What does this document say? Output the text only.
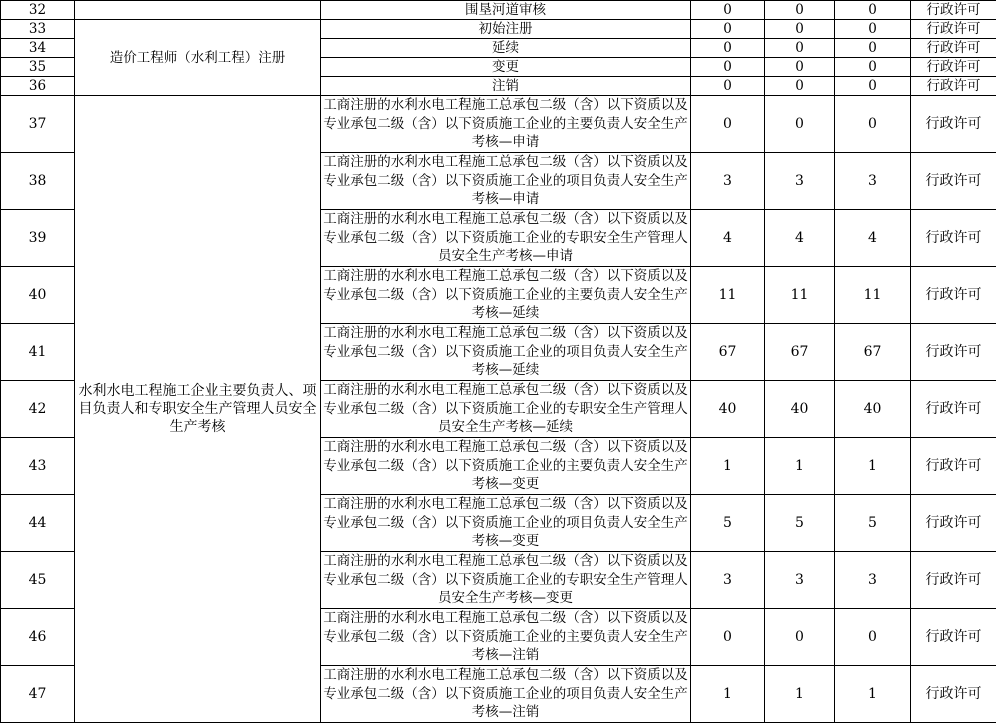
32		围垦河道审核	0	0	0	行政许可
33	造价工程师（水利工程）注册	初始注册	0	0	0	行政许可
34		延续	0	0	0	行政许可
35		变更	0	0	0	行政许可
36		注销	0	0	0	行政许可
37	水利水电工程施工企业主要负责人、项目负责人和专职安全生产管理人员安全生产考核	工商注册的水利水电工程施工总承包二级（含）以下资质以及专业承包二级（含）以下资质施工企业的主要负责人安全生产考核—申请	0	0	0	行政许可
38		工商注册的水利水电工程施工总承包二级（含）以下资质以及专业承包二级（含）以下资质施工企业的项目负责人安全生产考核—申请	3	3	3	行政许可
39		工商注册的水利水电工程施工总承包二级（含）以下资质以及专业承包二级（含）以下资质施工企业的专职安全生产管理人员安全生产考核—申请	4	4	4	行政许可
40		工商注册的水利水电工程施工总承包二级（含）以下资质以及专业承包二级（含）以下资质施工企业的主要负责人安全生产考核—延续	11	11	11	行政许可
41		工商注册的水利水电工程施工总承包二级（含）以下资质以及专业承包二级（含）以下资质施工企业的项目负责人安全生产考核—延续	67	67	67	行政许可
42		工商注册的水利水电工程施工总承包二级（含）以下资质以及专业承包二级（含）以下资质施工企业的专职安全生产管理人员安全生产考核—延续	40	40	40	行政许可
43		工商注册的水利水电工程施工总承包二级（含）以下资质以及专业承包二级（含）以下资质施工企业的主要负责人安全生产考核—变更	1	1	1	行政许可
44		工商注册的水利水电工程施工总承包二级（含）以下资质以及专业承包二级（含）以下资质施工企业的项目负责人安全生产考核—变更	5	5	5	行政许可
45		工商注册的水利水电工程施工总承包二级（含）以下资质以及专业承包二级（含）以下资质施工企业的专职安全生产管理人员安全生产考核—变更	3	3	3	行政许可
46		工商注册的水利水电工程施工总承包二级（含）以下资质以及专业承包二级（含）以下资质施工企业的主要负责人安全生产考核—注销	0	0	0	行政许可
47		工商注册的水利水电工程施工总承包二级（含）以下资质以及专业承包二级（含）以下资质施工企业的项目负责人安全生产考核—注销	1	1	1	行政许可
